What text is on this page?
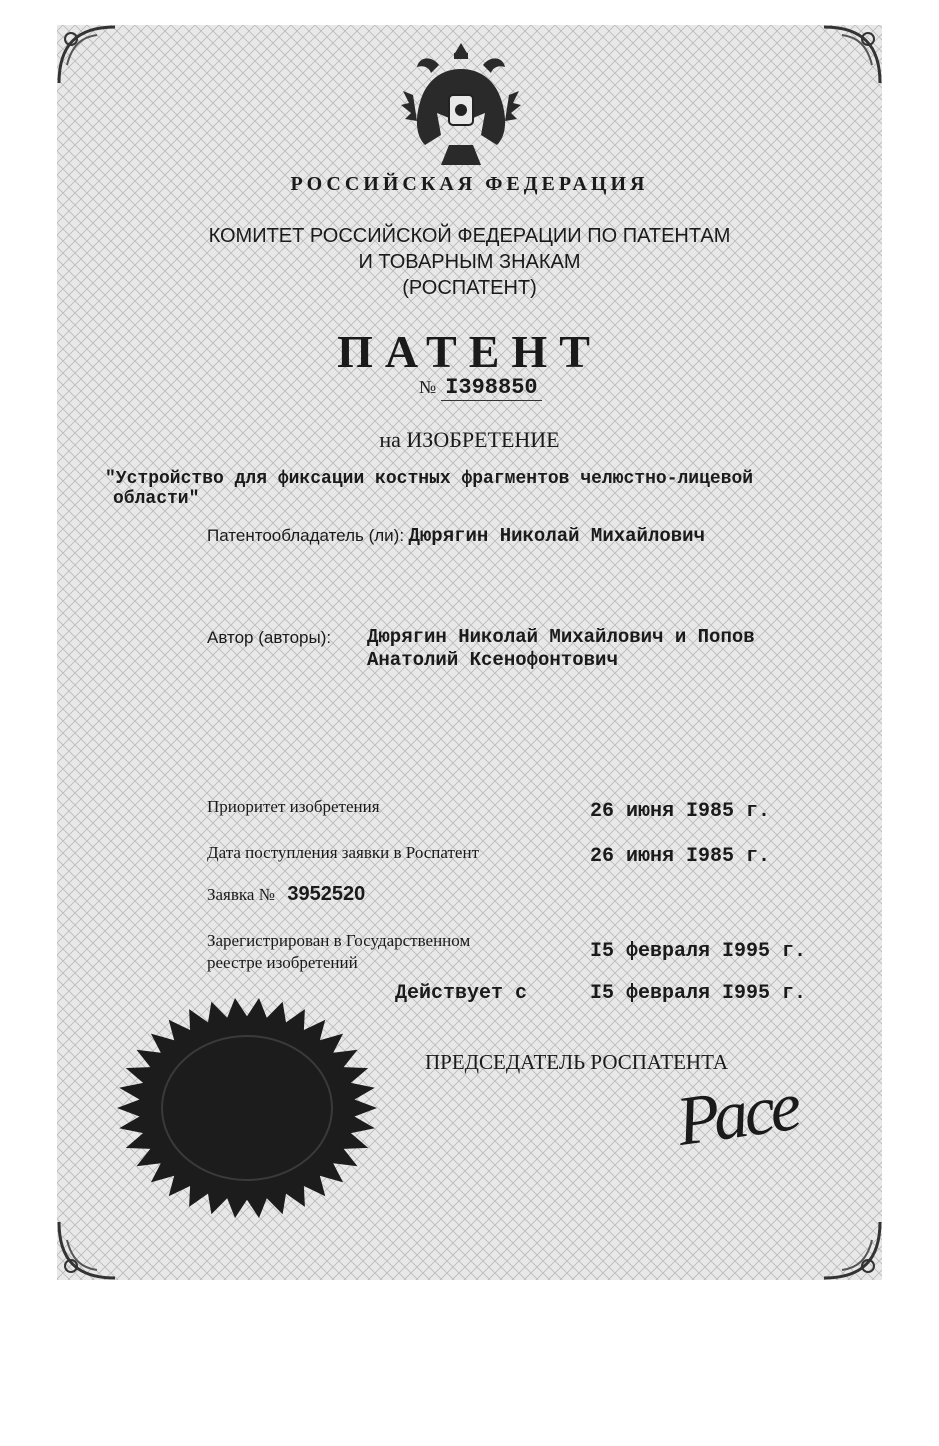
РОССИЙСКАЯ ФЕДЕРАЦИЯ
КОМИТЕТ РОССИЙСКОЙ ФЕДЕРАЦИИ ПО ПАТЕНТАМ
И ТОВАРНЫМ ЗНАКАМ
(РОСПАТЕНТ)
ПАТЕНТ
№ I398850
на ИЗОБРЕТЕНИЕ
"Устройство для фиксации костных фрагментов челюстно-лицевой
области"
Патентообладатель (ли): Дюрягин Николай Михайлович
Автор (авторы): Дюрягин Николай Михайлович и Попов
Анатолий Ксенофонтович
Приоритет изобретения	26 июня I985 г.
Дата поступления заявки в Роспатент	26 июня I985 г.
Заявка № 3952520
Зарегистрирован в Государственном
реестре изобретений	I5 февраля I995 г.
Действует с	I5 февраля I995 г.
ПРЕДСЕДАТЕЛЬ РОСПАТЕНТА
Расе
